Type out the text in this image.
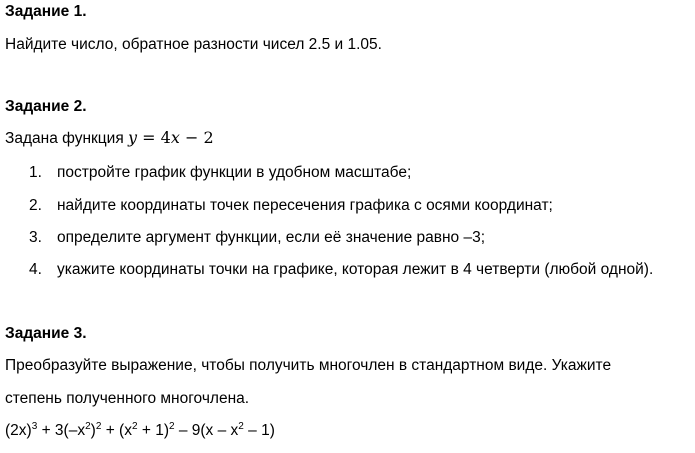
Задание 1.
Найдите число, обратное разности чисел 2.5 и 1.05.
Задание 2.
Задана функция y = 4x − 2
1. постройте график функции в удобном масштабе;
2. найдите координаты точек пересечения графика с осями координат;
3. определите аргумент функции, если её значение равно –3;
4. укажите координаты точки на графике, которая лежит в 4 четверти (любой одной).
Задание 3.
Преобразуйте выражение, чтобы получить многочлен в стандартном виде. Укажите
степень полученного многочлена.
$(2x)^3 + 3(-x^2)^2 + (x^2 + 1)^2 - 9(x - x^2 - 1)$
